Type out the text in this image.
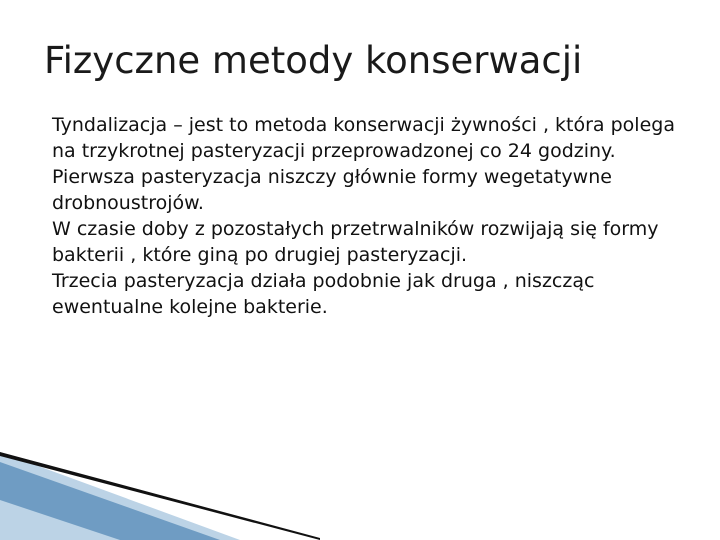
Fizyczne metody konserwacji

Tyndalizacja – jest to metoda konserwacji żywności , która polega na trzykrotnej pasteryzacji przeprowadzonej co 24 godziny.

Pierwsza pasteryzacja niszczy głównie formy wegetatywne drobnoustrojów.

W czasie doby z pozostałych przetrwalników rozwijają się formy bakterii , które giną po drugiej pasteryzacji.

Trzecia pasteryzacja działa podobnie jak druga , niszcząc ewentualne kolejne bakterie.
